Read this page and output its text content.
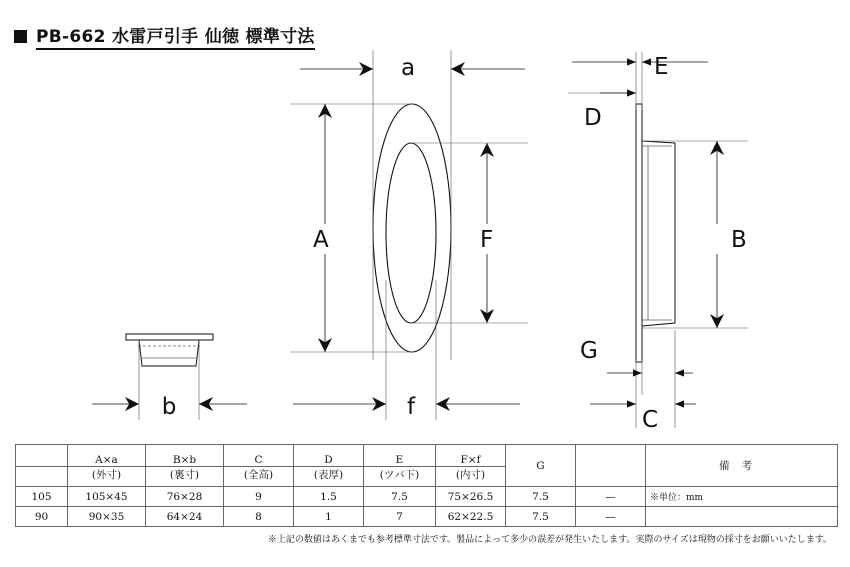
PB-662 水雷戸引手 仙徳 標準寸法
a
A	F
f
b
E
D
B
G
C
	A×a	B×b	C	D	E	F×f	G		備考
	(外寸)	(裏寸)	(全高)	(表厚)	(ツバ下)	(内寸)			
105	105×45	76×28	9	1.5	7.5	75×26.5	7.5	—	※単位：mm
90	90×35	64×24	8	1	7	62×22.5	7.5	—	
※上記の数値はあくまでも参考標準寸法です。製品によって多少の誤差が発生いたします。実際のサイズは現物の採寸をお願いいたします。
